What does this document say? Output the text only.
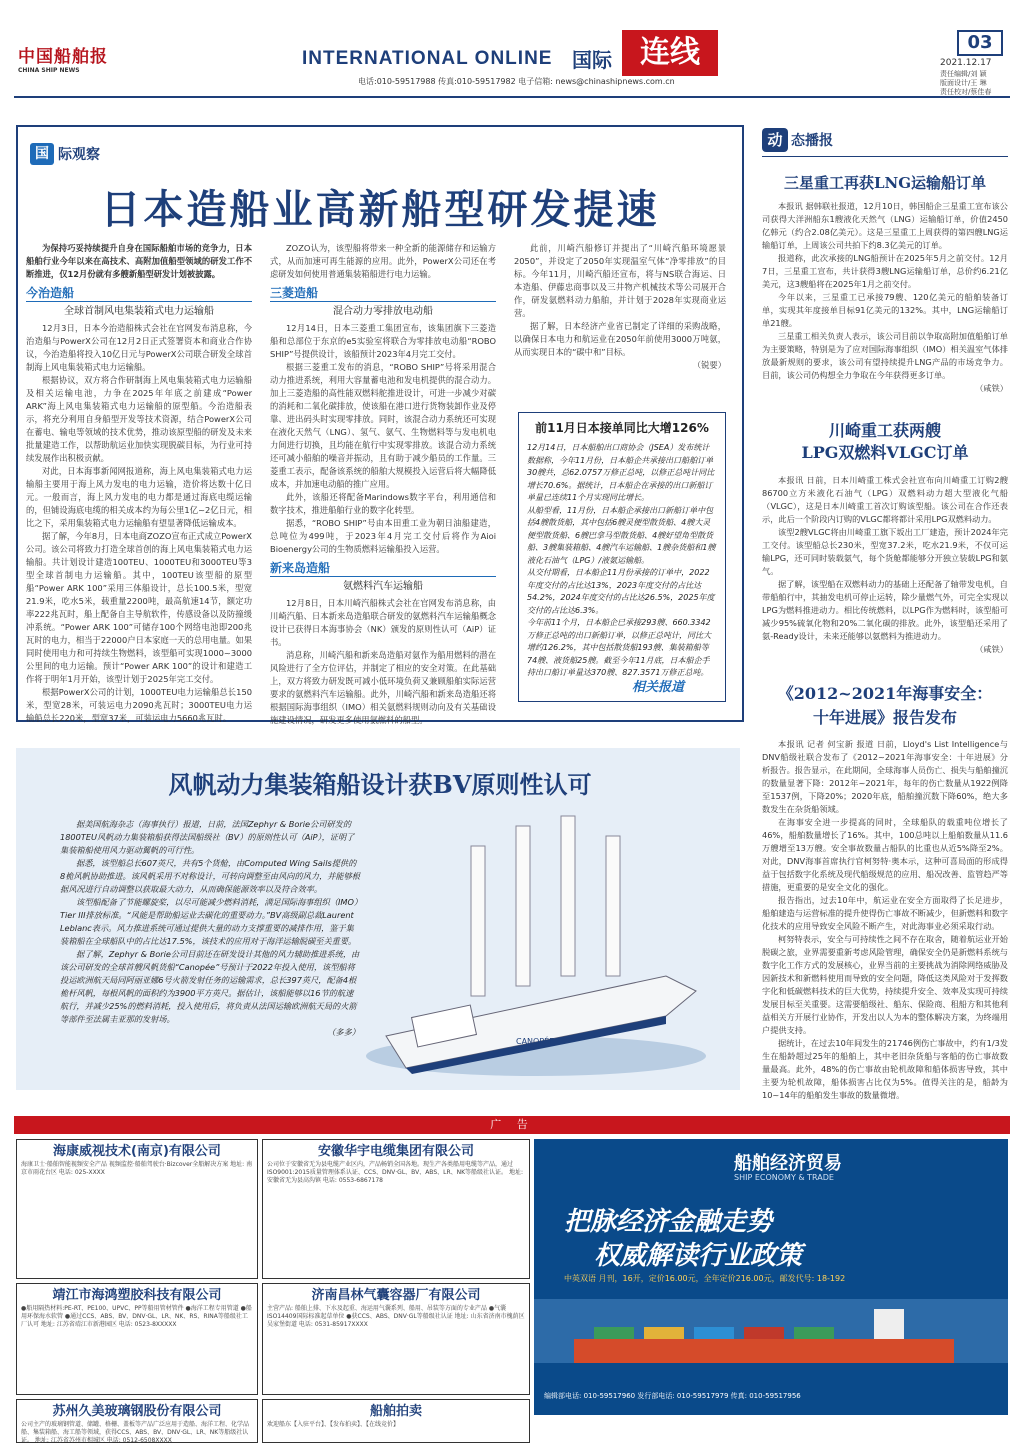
中国船舶报
CHINA SHIP NEWS
INTERNATIONAL ONLINE 国际 连线
电话:010-59517988 传真:010-59517982 电子信箱: news@chinashipnews.com.cn
03
2021.12.17
责任编辑/刘 颖
版面设计/王 琳
责任校对/蔡佳春
国 际观察
日本造船业高新船型研发提速

为保持巧妥持续提升自身在国际船舶市场的竞争力，日本船舶行业今年以来在高技术、高附加值船型领域的研发工作不断推进，仅12月份就有多艘新船型研发计划被披露。

今治造船
全球首制风电集装箱式电力运输船

12月3日，日本今治造船株式会社在官网发布消息称，今治造船与PowerX公司在12月2日正式签署资本和商业合作协议，今治造船将投入10亿日元与PowerX公司联合研发全球首制海上风电集装箱式电力运输船。

根据协议，双方将合作研制海上风电集装箱式电力运输船及相关运输电池，力争在2025年年底之前建成“Power ARK”海上风电集装箱式电力运输船的原型船。今治造船表示，将充分利用自身船型开发等技术资源，结合PowerX公司在蓄电、输电等领域的技术优势，推动该原型船的研发及未来批量建造工作，以帮助航运业加快实现脱碳目标，为行业可持续发展作出积极贡献。

对此，日本海事新闻网报道称，海上风电集装箱式电力运输船主要用于海上风力发电的电力运输，造价将达数十亿日元。一般而言，海上风力发电的电力都是通过海底电缆运输的，但铺设海底电缆的相关成本约为每公里1亿~2亿日元，相比之下，采用集装箱式电力运输船有望显著降低运输成本。

据了解，今年8月，日本电商ZOZO宣布正式成立PowerX公司。该公司将致力打造全球首创的海上风电集装箱式电力运输船。共计划设计建造100TEU、1000TEU和3000TEU等3型全球首制电力运输船。其中，100TEU该型船的原型船“Power ARK 100”采用三体船设计，总长100.5米，型宽21.9米，吃水5米，载重量2200吨，最高航速14节，额定功率222兆瓦时，船上配备自主导航软件，传感设备以及防撞缓冲系统。“Power ARK 100”可储存100个网络电池即200兆瓦时的电力，相当于22000户日本家庭一天的总用电量。如果同时使用电力和可持续生物燃料，该型船可实现1000~3000公里间的电力运输。预计“Power ARK 100”的设计和建造工作将于明年1月开始，该型计划于2025年完工交付。

根据PowerX公司的计划，1000TEU电力运输船总长150米，型宽28米，可装运电力2090兆瓦时；3000TEU电力运输船总长220米，型宽37米，可装运电力5660兆瓦时。

ZOZO认为，该型船将带来一种全新的能源储存和运输方式，从而加速可再生能源的应用。此外，PowerX公司还在考虑研发如何使用普通集装箱船进行电力运输。

三菱造船
混合动力零排放电动船

12月14日，日本三菱重工集团宣布，该集团旗下三菱造船和总部位于东京的e5实验室将联合为零排放电动船“ROBO SHIP”号提供设计，该船预计2023年4月完工交付。

根据三菱重工发布的消息，“ROBO SHIP”号将采用混合动力推进系统，利用大容量蓄电池和发电机提供的混合动力。加上三菱造船的高性能双燃料舵推进设计，可进一步减少对碳的消耗和二氧化碳排放，使该船在港口进行货物装卸作业及停靠、进出码头时实现零排放。同时，该混合动力系统还可实现在液化天然气（LNG）、氢气、氨气、生物燃料等与发电机电力间进行切换，且均能在航行中实现零排放。该混合动力系统还可减小船舶的噪音并振动，且有助于减少船员的工作量。三菱重工表示，配备该系统的船舶大规模投入运营后将大幅降低成本，并加速电动船的推广应用。

此外，该船还将配备Marindows数字平台，利用通信和数字技术，推进船舶行业的数字化转型。

据悉，“ROBO SHIP”号由本田重工业为朝日油船建造，总吨位为499吨，于2023年4月完工交付后将作为Aioi Bioenergy公司的生物质燃料运输船投入运营。

新来岛造船
氨燃料汽车运输船

12月8日，日本川崎汽船株式会社在官网发布消息称，由川崎汽船、日本新来岛造船联合研发的氨燃料汽车运输船概念设计已获得日本海事协会（NK）颁发的原则性认可（AiP）证书。

消息称，川崎汽船和新来岛造船对氨作为船用燃料的潜在风险进行了全方位评估，并制定了相应的安全对策。在此基础上，双方将致力研发既可减小低环境负荷又兼顾船舶实际运营要求的氨燃料汽车运输船。此外，川崎汽船和新来岛造船还将根据国际海事组织（IMO）相关氨燃料规则动向及有关基础设施建设情况，研发更多使用氨燃料的船型。

此前，川崎汽船修订并提出了“川崎汽船环境愿景2050”，并设定了2050年实现温室气体“净零排放”的目标。今年11月，川崎汽船还宣布，将与NS联合海运、日本造船、伊藤忠商事以及三井物产机械技术等公司展开合作，研发氨燃料动力船舶，并计划于2028年实现商业运营。

据了解，日本经济产业省已制定了详细的采购战略，以确保日本电力和航运业在2050年前使用3000万吨氨，从而实现日本的“碳中和”目标。

（锐要）
前11月日本接单同比大增126%
12月14日，日本船舶出口商协会（JSEA）发布统计数据称，今年11月份，日本船企共承接出口船舶订单30艘共，总62.0757万修正总吨，以修正总吨计同比增长70.6%。据统计，日本船企在承接的出口新船订单量已连续11个月实现同比增长。
从船型看，11月份，日本船企承接出口新船订单中包括4艘散货船，其中包括6艘灵便型散货船、4艘大灵便型散货船、6艘巴拿马型散货船、4艘好望角型散货船、3艘集装箱船、4艘汽车运输船、1艘杂货船和1艘液化石油气（LPG）/液氨运输船。
从交付期看，日本船企11月份承接的订单中，2022年度交付的占比达13%，2023年度交付的占比达54.2%，2024年度交付的占比达26.5%，2025年度交付的占比达6.3%。
今年前11个月，日本船企已承接293艘、660.3342万修正总吨的出口新船订单，以修正总吨计，同比大增约126.2%，其中包括散货船193艘、集装箱船等74艘、液货船25艘。截至今年11月底，日本船企手持出口船订单量达370艘、827.3571万修正总吨。
相关报道
风帆动力集装箱船设计获BV原则性认可

据美国航海杂志（海事执行）报道，日前，法国Zephyr & Borie公司研发的1800TEU风帆动力集装箱船获得法国船级社（BV）的原则性认可（AiP），证明了集装箱船使用风力驱动翼帆的可行性。

据悉，该型船总长607英尺，共有5个货舱，由Computed Wing Sails提供的8桅风帆协助推进。该风帆采用不对称设计，可转向调整至由风向的风力，并能够根据风况进行自动调整以获取最大动力，从而确保能源效率以及符合效率。

该型船配备了节能螺旋桨，以尽可能减少燃料消耗，满足国际海事组织（IMO）Tier III排放标准。“风能是帮助船运业去碳化的重要动力。”BV高级副总裁Laurent Leblanc表示。风力推进系统可通过提供大量的动力支撑重要的减排作用，鉴于集装箱船在全球船队中的占比达17.5%，该技术的应用对于海洋运输脱碳至关重要。

据了解，Zephyr & Borie公司目前还在研发设计其他的风力辅助推进系统，由该公司研发的全球首艘风帆货船“Canopée”号预计于2022年投入使用，该型船将投运欧洲航天局同阿丽亚娜6号火箭发射任务的运输需求，总长397英尺，配备4根桅杆风帆，每根风帆的面积约为3900平方英尺。据估计，该船能够以16节的航速航行，并减少25%的燃料消耗，投入使用后，将负责从法国运输欧洲航天局的火箭等部件至法属圭亚那的发射场。

（多多）
CANOPÉE
动 态播报
三星重工再获LNG运输船订单

本报讯 据韩联社报道，12月10日，韩国船企三星重工宣布该公司获得大洋洲船东1艘液化天然气（LNG）运输船订单，价值2450亿韩元（约合2.08亿美元）。这是三星重工上周获得的第四艘LNG运输船订单，上周该公司共拍下约8.3亿美元的订单。

报道称，此次承接的LNG船预计在2025年5月之前交付。12月7日，三星重工宣布，共计获得3艘LNG运输船订单，总价约6.21亿美元，这3艘船将在2025年1月之前交付。

今年以来，三星重工已承接79艘、120亿美元的船舶装备订单，实现其年度接单目标91亿美元的132%。其中，LNG运输船订单21艘。

三星重工相关负责人表示，该公司目前以争取高附加值船舶订单为主要策略，特别是为了应对国际海事组织（IMO）相关温室气体排放最新规则的要求，该公司有望持续提升LNG产品的市场竞争力。目前，该公司仍构想全力争取在今年获得更多订单。

（咸铁）
川崎重工获两艘
LPG双燃料VLGC订单

本报讯 日前，日本川崎重工株式会社宣布向川崎重工订购2艘86700立方米液化石油气（LPG）双燃料动力超大型液化气船（VLGC），这是日本川崎重工首次订购该型船。该公司在合作还表示，此后一个阶段内订购的VLGC都将都计采用LPG双燃料动力。

该型2艘VLGC将由川崎重工旗下坂出工厂建造，预计2024年完工交付。该型船总长230米，型宽37.2米，吃水21.9米，不仅可运输LPG，还可同时装载氨气，每个货舱都能够分开独立装载LPG和氨气。

据了解，该型船在双燃料动力的基础上还配备了轴带发电机，自带船舶行中，其抽发电机可停止运转，除少量燃气外，可完全实现以LPG为燃料推进动力。相比传统燃料，以LPG作为燃料时，该型船可减少95%硫氧化物和20%二氧化碳的排放。此外，该型船还采用了氨-Ready设计，未来还能够以氨燃料为推进动力。

（咸铁）
《2012~2021年海事安全：
十年进展》报告发布

本报讯 记者 何宝新 报道 日前，Lloyd's List Intelligence与DNV船级社联合发布了《2012~2021年海事安全：十年进展》分析报告。报告显示，在此期间，全球海事人员伤亡、损失与船舶撞沉的数量显著下降：2012年~2021年，每年的伤亡数量从1922例降至1537例，下降20%；2020年底，船舶撞沉数下降60%，绝大多数发生在杂货船领域。

在海事安全进一步提高的同时，全球船队的载重吨位增长了46%，船舶数量增长了16%。其中，100总吨以上船舶数量从11.6万艘增至13万艘。安全事故数量占船队的比重也从近5%降至2%。对此，DNV海事首席执行官柯努特·奥本示，这种可喜局面的形成得益于包括数字化系统及现代船级规范的应用、船况改善、监管趋严等措施，更重要的是安全文化的强化。

报告指出，过去10年中，航运业在安全方面取得了长足进步，船舶建造与运营标准的提升使得伤亡事故不断减少，但新燃料和数字化技术的应用导致安全风险不断产生，对此海事业必须采取行动。

柯努特表示，安全与可持续性之间不存在取舍，随着航运业开始脱碳之旅，业界需要重新考虑风险管理，确保安全仍是新燃料系统与数字化工作方式的发展核心，业界当前的主要挑战为消除网络威胁及因新技术和新燃料使用而导致的安全问题，降低这类风险对于发挥数字化和低碳燃料技术的巨大优势，持续提升安全、效率及实现可持续发展目标至关重要。这需要船级社、船东、保险商、租船方和其他利益相关方开展行业协作，开发出以人为本的整体解决方案，为终端用户提供支持。

据统计，在过去10年间发生的21746例伤亡事故中，约有1/3发生在船龄超过25年的船舶上，其中老旧杂货船与客船的伤亡事故数量最高。此外，48%的伤亡事故由轮机故障和船体损害导致，其中主要为轮机故障，船体损害占比仅为5%。值得关注的是，船龄为10~14年的船舶发生事故的数量微增。

广 告
海康威视技术(南京)有限公司
海康卫士·船舶智能视频安全产品 视频监控·船舶驾驶台·Bizcover全船解决方案 地址: 南京市雨花台区 电话: 025-XXXX
安徽华宇电缆集团有限公司
公司位于安徽省无为县电缆产业区内，产品畅销全国各地。现生产各类船用电缆等产品，通过ISO9001:2015质量管理体系认证、CCS、DNV·GL、BV、ABS、LR、NK等船级社认证。 地址: 安徽省无为县高沟镇 电话: 0553-6867178
靖江市海鸿塑胶科技有限公司
●船用隔热材料:PE-RT、PE100、UPVC、PP等船用管材管件 ●海洋工程专用管道 ●船用环保海水软管 ●通过CCS、ABS、BV、DNV·GL、LR、NK、RS、RINA等船级社工厂认可 地址: 江苏省靖江市新港园区 电话: 0523-8XXXXX
济南昌林气囊容器厂有限公司
主营产品: 船舶上排、下水及起重、海运用气囊系列、船用、吊装等方面的专业产品 ●气囊ISO14409国际标准起草单位 ●获CCS、ABS、DNV·GL等船级社认证 地址: 山东省济南市槐荫区吴家堡街道 电话: 0531-85917XXXX
苏州久美玻璃钢股份有限公司
公司主产的玻璃钢管道、储罐、格栅、盖板等产品广泛应用于造船、海洋工程、化学品船、集装箱船、海工船等领域，获得CCS、ABS、BV、DNV·GL、LR、NK等船级社认证。 地址: 江苏省苏州市相城区 电话: 0512-6508XXXX
船舶拍卖
欢迎船东【入驻平台】、【发布拍卖】、【在线竞价】
船舶经济贸易
SHIP ECONOMY & TRADE
把脉经济金融走势
权威解读行业政策
中英双语 月刊，16开，定价16.00元，全年定价216.00元，邮发代号: 18-192
编辑部电话: 010-59517960 发行部电话: 010-59517979 传真: 010-59517956
